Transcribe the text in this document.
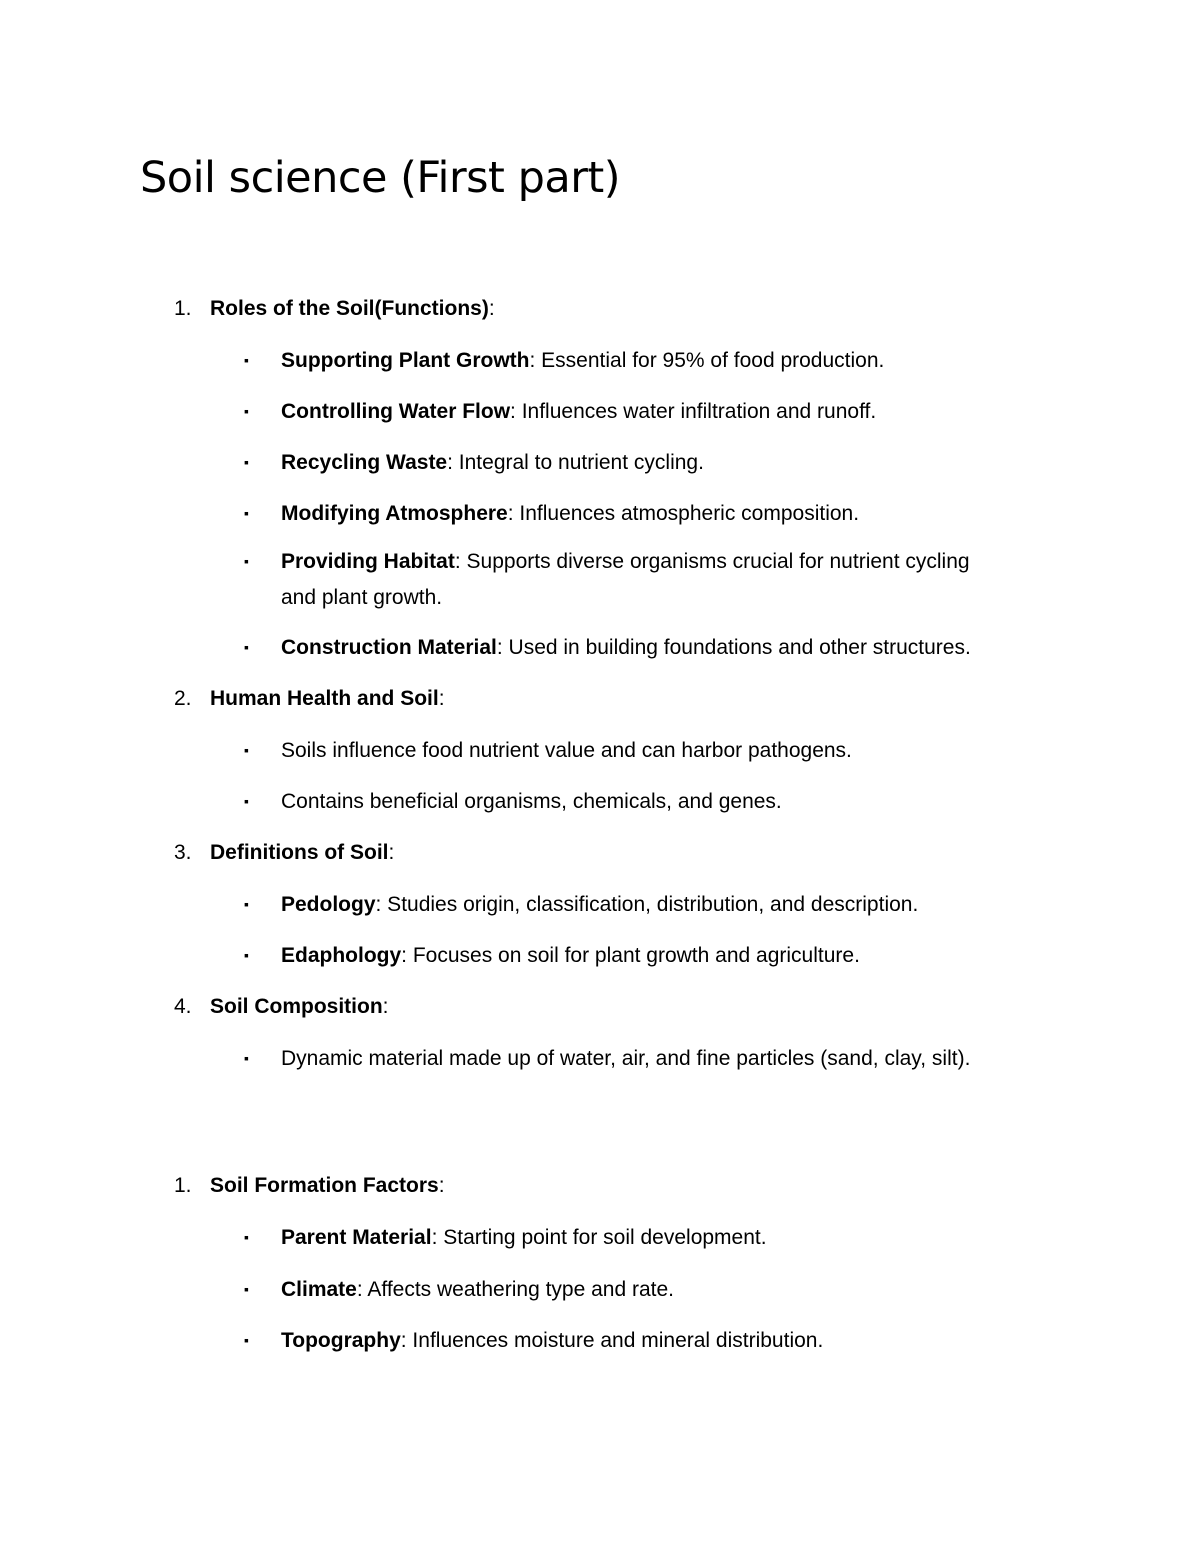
Soil science (First part)
1. Roles of the Soil(Functions):
▪ Supporting Plant Growth: Essential for 95% of food production.
▪ Controlling Water Flow: Influences water infiltration and runoff.
▪ Recycling Waste: Integral to nutrient cycling.
▪ Modifying Atmosphere: Influences atmospheric composition.
▪ Providing Habitat: Supports diverse organisms crucial for nutrient cycling
and plant growth.
▪ Construction Material: Used in building foundations and other structures.
2. Human Health and Soil:
▪ Soils influence food nutrient value and can harbor pathogens.
▪ Contains beneficial organisms, chemicals, and genes.
3. Definitions of Soil:
▪ Pedology: Studies origin, classification, distribution, and description.
▪ Edaphology: Focuses on soil for plant growth and agriculture.
4. Soil Composition:
▪ Dynamic material made up of water, air, and fine particles (sand, clay, silt).
1. Soil Formation Factors:
▪ Parent Material: Starting point for soil development.
▪ Climate: Affects weathering type and rate.
▪ Topography: Influences moisture and mineral distribution.
